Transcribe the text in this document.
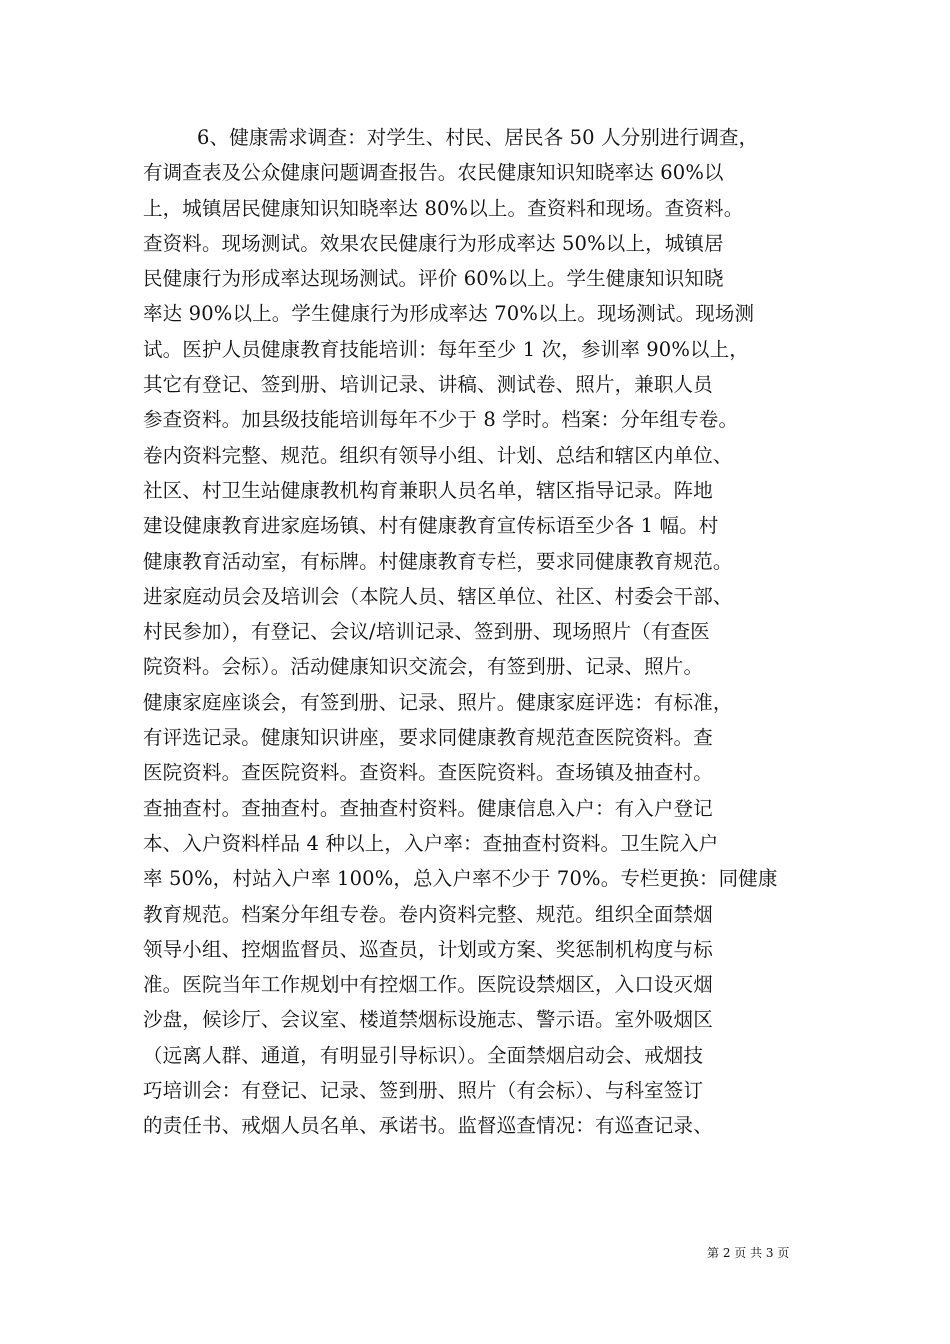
6、健康需求调查：对学生、村民、居民各 50 人分别进行调查，
有调查表及公众健康问题调查报告。农民健康知识知晓率达 60%以
上，城镇居民健康知识知晓率达 80%以上。查资料和现场。查资料。
查资料。现场测试。效果农民健康行为形成率达 50%以上，城镇居
民健康行为形成率达现场测试。评价 60%以上。学生健康知识知晓
率达 90%以上。学生健康行为形成率达 70%以上。现场测试。现场测
试。医护人员健康教育技能培训：每年至少 1 次，参训率 90%以上，
其它有登记、签到册、培训记录、讲稿、测试卷、照片，兼职人员
参查资料。加县级技能培训每年不少于 8 学时。档案：分年组专卷。
卷内资料完整、规范。组织有领导小组、计划、总结和辖区内单位、
社区、村卫生站健康教机构育兼职人员名单，辖区指导记录。阵地
建设健康教育进家庭场镇、村有健康教育宣传标语至少各 1 幅。村
健康教育活动室，有标牌。村健康教育专栏，要求同健康教育规范。
进家庭动员会及培训会（本院人员、辖区单位、社区、村委会干部、
村民参加），有登记、会议/培训记录、签到册、现场照片（有查医
院资料。会标）。活动健康知识交流会，有签到册、记录、照片。
健康家庭座谈会，有签到册、记录、照片。健康家庭评选：有标准，
有评选记录。健康知识讲座，要求同健康教育规范查医院资料。查
医院资料。查医院资料。查资料。查医院资料。查场镇及抽查村。
查抽查村。查抽查村。查抽查村资料。健康信息入户：有入户登记
本、入户资料样品 4 种以上，入户率：查抽查村资料。卫生院入户
率 50%，村站入户率 100%，总入户率不少于 70%。专栏更换：同健康
教育规范。档案分年组专卷。卷内资料完整、规范。组织全面禁烟
领导小组、控烟监督员、巡查员，计划或方案、奖惩制机构度与标
准。医院当年工作规划中有控烟工作。医院设禁烟区，入口设灭烟
沙盘，候诊厅、会议室、楼道禁烟标设施志、警示语。室外吸烟区
（远离人群、通道，有明显引导标识）。全面禁烟启动会、戒烟技
巧培训会：有登记、记录、签到册、照片（有会标）、与科室签订
的责任书、戒烟人员名单、承诺书。监督巡查情况：有巡查记录、
第 2 页 共 3 页
